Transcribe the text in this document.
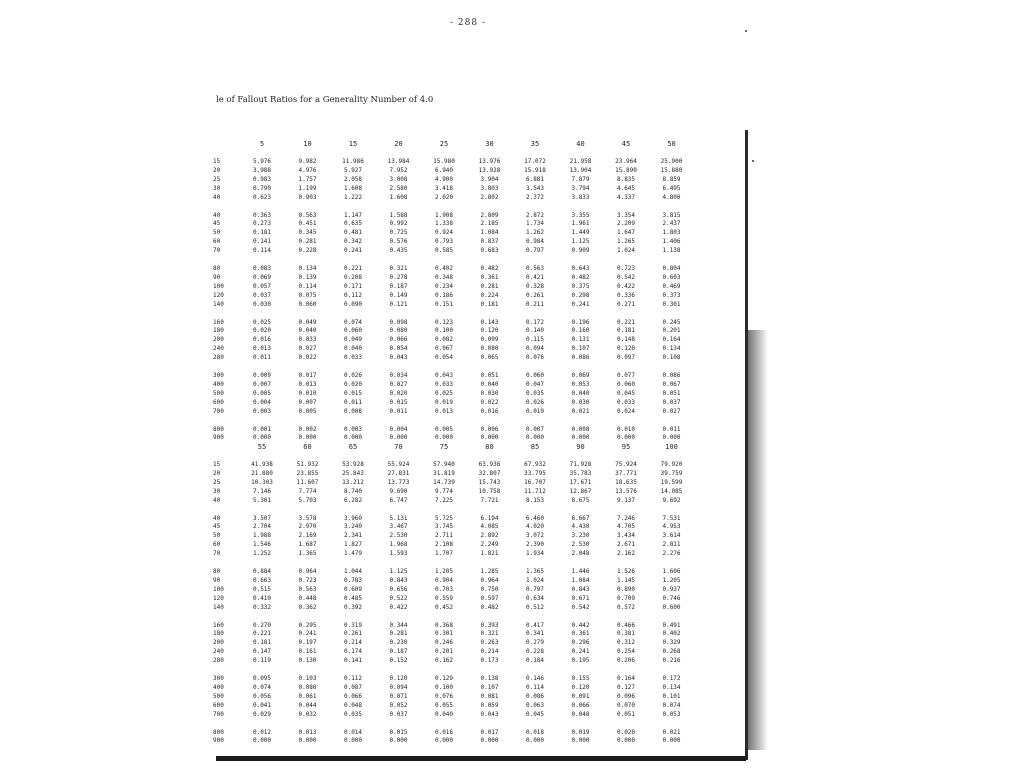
- 288 -
le of Fallout Ratios for a Generality Number of 4.0
5	10	15	20	25	30	35	40	45	50
15	5.976	9.982	11.986	13.984	15.980	13.976	17.072	21.958	23.964	25.900
20	3.988	4.976	5.927	7.952	6.940	13.928	15.918	13.904	15.890	15.880
25	0.983	1.757	2.058	3.008	4.900	3.904	6.881	7.879	8.835	8.859
30	0.790	1.199	1.608	2.580	3.418	3.803	3.543	3.794	4.645	6.495
40	0.623	0.903	1.222	1.608	2.020	2.802	2.372	3.833	4.337	4.800
40	0.363	0.563	1.147	1.588	1.908	2.809	2.872	3.355	3.354	3.815
45	0.273	0.451	0.635	0.992	1.338	2.185	1.734	1.961	2.209	2.437
50	0.181	0.345	0.481	0.725	0.924	1.084	1.262	1.449	1.647	1.803
60	0.141	0.281	0.342	0.576	0.793	0.837	0.984	1.125	1.265	1.406
70	0.114	0.228	0.241	0.435	0.585	0.683	0.797	0.909	1.024	1.138
80	0.083	0.134	0.221	0.321	0.402	0.482	0.563	0.643	0.723	0.804
90	0.069	0.139	0.208	0.278	0.348	0.361	0.421	0.482	0.542	0.603
100	0.057	0.114	0.171	0.187	0.234	0.281	0.328	0.375	0.422	0.469
120	0.037	0.075	0.112	0.149	0.186	0.224	0.261	0.298	0.336	0.373
140	0.030	0.060	0.090	0.121	0.151	0.181	0.211	0.241	0.271	0.301
160	0.025	0.049	0.074	0.098	0.123	0.143	0.172	0.196	0.221	0.245
180	0.020	0.040	0.060	0.080	0.100	0.120	0.140	0.160	0.181	0.201
200	0.016	0.033	0.049	0.066	0.082	0.099	0.115	0.131	0.148	0.164
240	0.013	0.027	0.040	0.054	0.067	0.080	0.094	0.107	0.120	0.134
280	0.011	0.022	0.033	0.043	0.054	0.065	0.076	0.086	0.097	0.108
300	0.009	0.017	0.026	0.034	0.043	0.051	0.060	0.069	0.077	0.086
400	0.007	0.013	0.020	0.027	0.033	0.040	0.047	0.053	0.060	0.067
500	0.005	0.010	0.015	0.020	0.025	0.030	0.035	0.040	0.045	0.051
600	0.004	0.007	0.011	0.015	0.019	0.022	0.026	0.030	0.033	0.037
700	0.003	0.005	0.008	0.011	0.013	0.016	0.019	0.021	0.024	0.027
800	0.001	0.002	0.003	0.004	0.005	0.006	0.007	0.008	0.010	0.011
900	0.000	0.000	0.000	0.000	0.000	0.000	0.000	0.000	0.000	0.000
55	60	65	70	75	80	85	90	95	100
15	41.938	51.932	53.928	55.924	57.940	63.936	67.932	71.928	75.924	79.920
20	21.880	23.855	25.843	27.831	31.819	32.807	33.795	35.783	37.771	39.759
25	10.303	11.607	13.212	13.773	14.739	15.743	16.707	17.671	18.635	19.599
30	7.146	7.774	8.740	9.690	9.774	10.758	11.712	12.867	13.576	14.085
40	5.301	5.703	6.282	6.747	7.225	7.721	8.153	8.675	9.137	9.692
40	3.507	3.578	3.960	5.131	5.725	6.194	6.460	6.667	7.246	7.531
45	2.704	2.970	3.240	3.467	3.745	4.085	4.020	4.430	4.705	4.953
50	1.988	2.169	2.341	2.530	2.711	2.892	3.072	3.230	3.434	3.614
60	1.546	1.687	1.827	1.968	2.108	2.249	2.390	2.530	2.671	2.811
70	1.252	1.365	1.479	1.593	1.707	1.821	1.934	2.048	2.162	2.276
80	0.884	0.964	1.044	1.125	1.205	1.285	1.365	1.446	1.526	1.606
90	0.663	0.723	0.783	0.843	0.904	0.964	1.024	1.084	1.145	1.205
100	0.515	0.563	0.609	0.656	0.703	0.750	0.797	0.843	0.890	0.937
120	0.410	0.448	0.485	0.522	0.559	0.597	0.634	0.671	0.709	0.746
140	0.332	0.362	0.392	0.422	0.452	0.482	0.512	0.542	0.572	0.600
160	0.270	0.295	0.319	0.344	0.368	0.393	0.417	0.442	0.466	0.491
180	0.221	0.241	0.261	0.281	0.301	0.321	0.341	0.361	0.381	0.402
200	0.181	0.197	0.214	0.230	0.246	0.263	0.279	0.296	0.312	0.329
240	0.147	0.161	0.174	0.187	0.201	0.214	0.228	0.241	0.254	0.268
280	0.119	0.130	0.141	0.152	0.162	0.173	0.184	0.195	0.206	0.216
300	0.095	0.103	0.112	0.120	0.129	0.138	0.146	0.155	0.164	0.172
400	0.074	0.080	0.087	0.094	0.100	0.107	0.114	0.120	0.127	0.134
500	0.056	0.061	0.066	0.071	0.076	0.081	0.086	0.091	0.096	0.101
600	0.041	0.044	0.048	0.052	0.055	0.059	0.063	0.066	0.070	0.074
700	0.029	0.032	0.035	0.037	0.040	0.043	0.045	0.048	0.051	0.053
800	0.012	0.013	0.014	0.015	0.016	0.017	0.018	0.019	0.020	0.021
900	0.000	0.000	0.000	0.000	0.000	0.000	0.000	0.000	0.000	0.000
